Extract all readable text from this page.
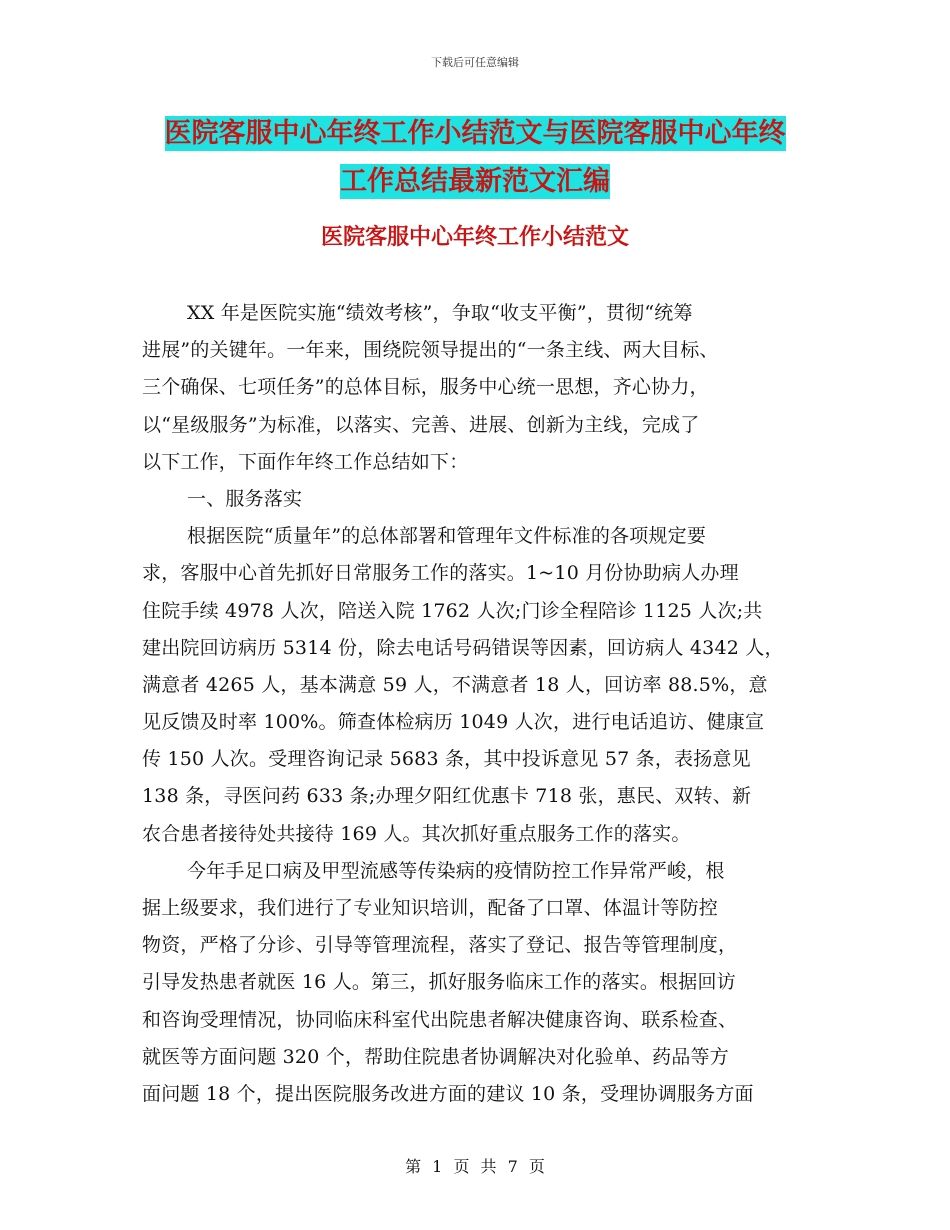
下载后可任意编辑
医院客服中心年终工作小结范文与医院客服中心年终
工作总结最新范文汇编
医院客服中心年终工作小结范文
XX 年是医院实施“绩效考核”，争取“收支平衡”，贯彻“统筹
进展”的关键年。一年来，围绕院领导提出的“一条主线、两大目标、
三个确保、七项任务”的总体目标，服务中心统一思想，齐心协力，
以“星级服务”为标准，以落实、完善、进展、创新为主线，完成了
以下工作，下面作年终工作总结如下：
一、服务落实
根据医院“质量年”的总体部署和管理年文件标准的各项规定要
求，客服中心首先抓好日常服务工作的落实。1~10 月份协助病人办理
住院手续 4978 人次，陪送入院 1762 人次;门诊全程陪诊 1125 人次;共
建出院回访病历 5314 份，除去电话号码错误等因素，回访病人 4342 人，
满意者 4265 人，基本满意 59 人，不满意者 18 人，回访率 88.5%，意
见反馈及时率 100%。筛查体检病历 1049 人次，进行电话追访、健康宣
传 150 人次。受理咨询记录 5683 条，其中投诉意见 57 条，表扬意见
138 条，寻医问药 633 条;办理夕阳红优惠卡 718 张，惠民、双转、新
农合患者接待处共接待 169 人。其次抓好重点服务工作的落实。
今年手足口病及甲型流感等传染病的疫情防控工作异常严峻，根
据上级要求，我们进行了专业知识培训，配备了口罩、体温计等防控
物资，严格了分诊、引导等管理流程，落实了登记、报告等管理制度，
引导发热患者就医 16 人。第三，抓好服务临床工作的落实。根据回访
和咨询受理情况，协同临床科室代出院患者解决健康咨询、联系检查、
就医等方面问题 320 个，帮助住院患者协调解决对化验单、药品等方
面问题 18 个，提出医院服务改进方面的建议 10 条，受理协调服务方面
第 1 页 共 7 页
